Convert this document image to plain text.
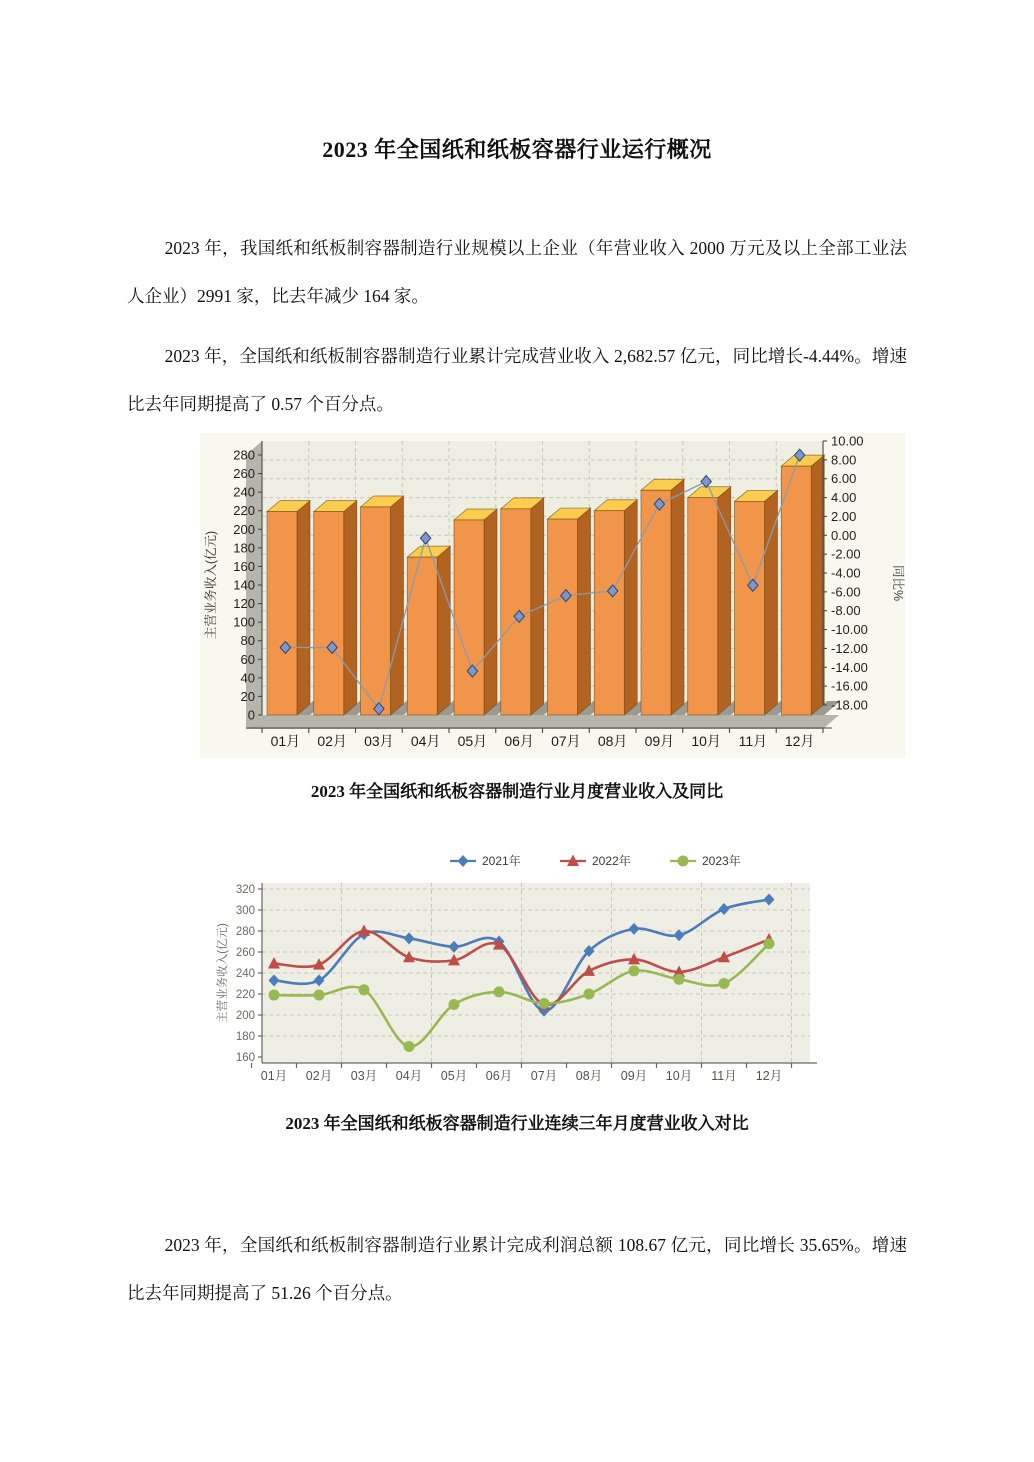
2023 年全国纸和纸板容器行业运行概况

2023 年，我国纸和纸板制容器制造行业规模以上企业（年营业收入 2000 万元及以上全部工业法人企业）2991 家，比去年减少 164 家。

2023 年，全国纸和纸板制容器制造行业累计完成营业收入 2,682.57 亿元，同比增长-4.44%。增速比去年同期提高了 0.57 个百分点。

0
20
40
60
80
100
120
140
160
180
200
220
240
260
280
10.00
8.00
6.00
4.00
2.00
0.00
-2.00
-4.00
-6.00
-8.00
-10.00
-12.00
-14.00
-16.00
-18.00
01月 02月 03月 04月 05月 06月 07月 08月 09月 10月 11月 12月
主营业务收入(亿元)	同比%

2023 年全国纸和纸板容器制造行业月度营业收入及同比

160
180
200
220
240
260
280
300
320
01月 02月 03月 04月 05月 06月 07月 08月 09月 10月 11月 12月
主营业务收入(亿元)
2021年	2022年	2023年

2023 年全国纸和纸板容器制造行业连续三年月度营业收入对比

2023 年，全国纸和纸板制容器制造行业累计完成利润总额 108.67 亿元，同比增长 35.65%。增速比去年同期提高了 51.26 个百分点。
